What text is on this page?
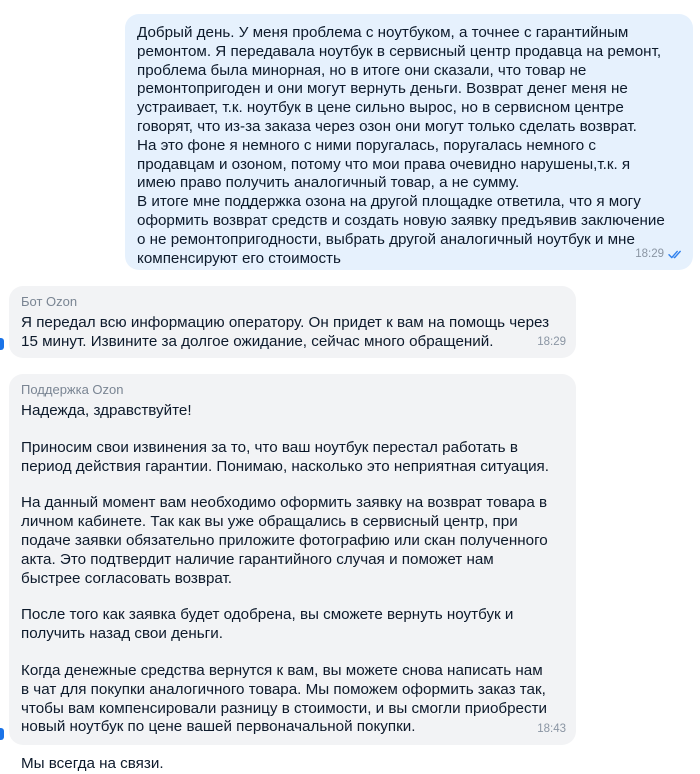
Добрый день. У меня проблема с ноутбуком, а точнее с гарантийным
ремонтом. Я передавала ноутбук в сервисный центр продавца на ремонт,
проблема была минорная, но в итоге они сказали, что товар не
ремонтопригоден и они могут вернуть деньги. Возврат денег меня не
устраивает, т.к. ноутбук в цене сильно вырос, но в сервисном центре
говорят, что из-за заказа через озон они могут только сделать возврат.
На это фоне я немного с ними поругалась, поругалась немного с
продавцам и озоном, потому что мои права очевидно нарушены,т.к. я
имею право получить аналогичный товар, а не сумму.
В итоге мне поддержка озона на другой площадке ответила, что я могу
оформить возврат средств и создать новую заявку предъявив заключение
о не ремонтопригодности, выбрать другой аналогичный ноутбук и мне
компенсируют его стоимость	18:29
Бот Ozon
Я передал всю информацию оператору. Он придет к вам на помощь через
15 минут. Извините за долгое ожидание, сейчас много обращений.	18:29
Поддержка Ozon

Надежда, здравствуйте!

Приносим свои извинения за то, что ваш ноутбук перестал работать в
период действия гарантии. Понимаю, насколько это неприятная ситуация.

На данный момент вам необходимо оформить заявку на возврат товара в
личном кабинете. Так как вы уже обращались в сервисный центр, при
подаче заявки обязательно приложите фотографию или скан полученного
акта. Это подтвердит наличие гарантийного случая и поможет нам
быстрее согласовать возврат.

После того как заявка будет одобрена, вы сможете вернуть ноутбук и
получить назад свои деньги.

Когда денежные средства вернутся к вам, вы можете снова написать нам
в чат для покупки аналогичного товара. Мы поможем оформить заказ так,
чтобы вам компенсировали разницу в стоимости, и вы смогли приобрести
новый ноутбук по цене вашей первоначальной покупки.

Мы всегда на связи.

18:43
